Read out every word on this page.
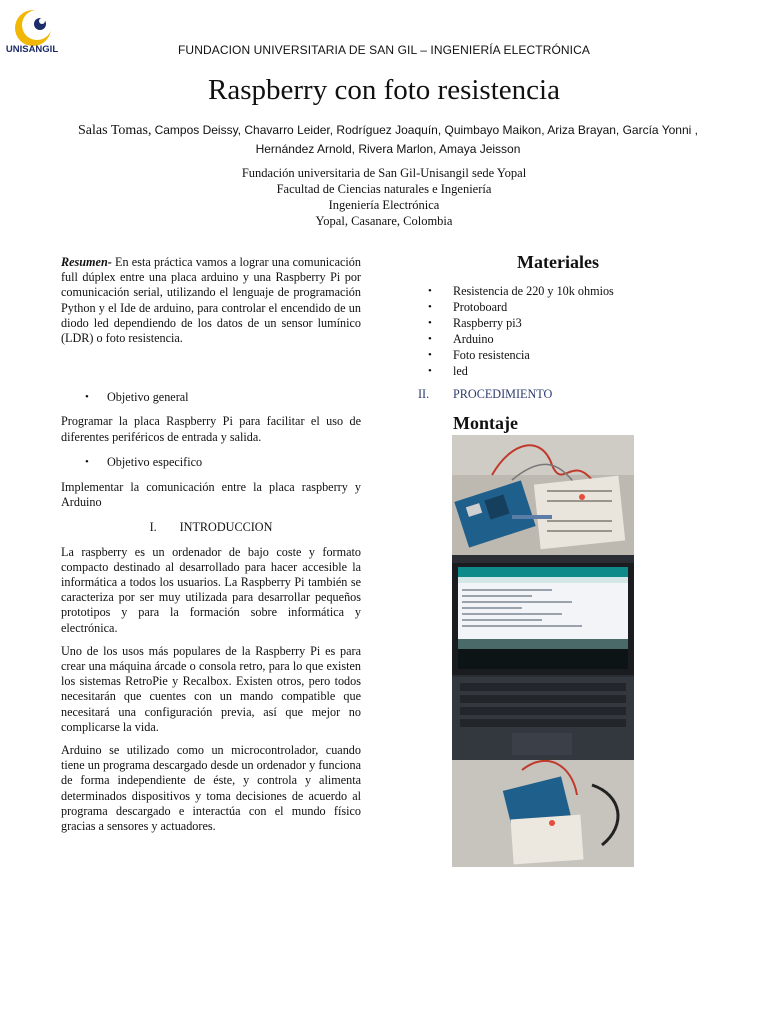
UNISANGIL	FUNDACION UNIVERSITARIA DE SAN GIL – INGENIERÍA ELECTRÓNICA
Raspberry con foto resistencia
Salas Tomas, Campos Deissy, Chavarro Leider, Rodríguez Joaquín, Quimbayo Maikon, Ariza Brayan, García Yonni , Hernández Arnold, Rivera Marlon, Amaya Jeisson
Fundación universitaria de San Gil-Unisangil sede Yopal
Facultad de Ciencias naturales e Ingeniería
Ingeniería Electrónica
Yopal, Casanare, Colombia

Resumen- En esta práctica vamos a lograr una comunicación full dúplex entre una placa arduino y una Raspberry Pi por comunicación serial, utilizando el lenguaje de programación Python y el Ide de arduino, para controlar el encendido de un diodo led dependiendo de los datos de un sensor lumínico (LDR) o foto resistencia.

• Objetivo general

Programar la placa Raspberry Pi para facilitar el uso de diferentes periféricos de entrada y salida.

• Objetivo especifico

Implementar la comunicación entre la placa raspberry y Arduino

I. INTRODUCCION

La raspberry es un ordenador de bajo coste y formato compacto destinado al desarrollado para hacer accesible la informática a todos los usuarios. La Raspberry Pi también se caracteriza por ser muy utilizada para desarrollar pequeños prototipos y para la formación sobre informática y electrónica.

Uno de los usos más populares de la Raspberry Pi es para crear una máquina árcade o consola retro, para lo que existen los sistemas RetroPie y Recalbox. Existen otros, pero todos necesitarán que cuentes con un mando compatible que necesitará una configuración previa, así que mejor no complicarse la vida.

Arduino se utilizado como un microcontrolador, cuando tiene un programa descargado desde un ordenador y funciona de forma independiente de éste, y controla y alimenta determinados dispositivos y toma decisiones de acuerdo al programa descargado e interactúa con el mundo físico gracias a sensores y actuadores.

Materiales
• Resistencia de 220 y 10k ohmios
• Protoboard
• Raspberry pi3
• Arduino
• Foto resistencia
• led
II. PROCEDIMIENTO
Montaje
